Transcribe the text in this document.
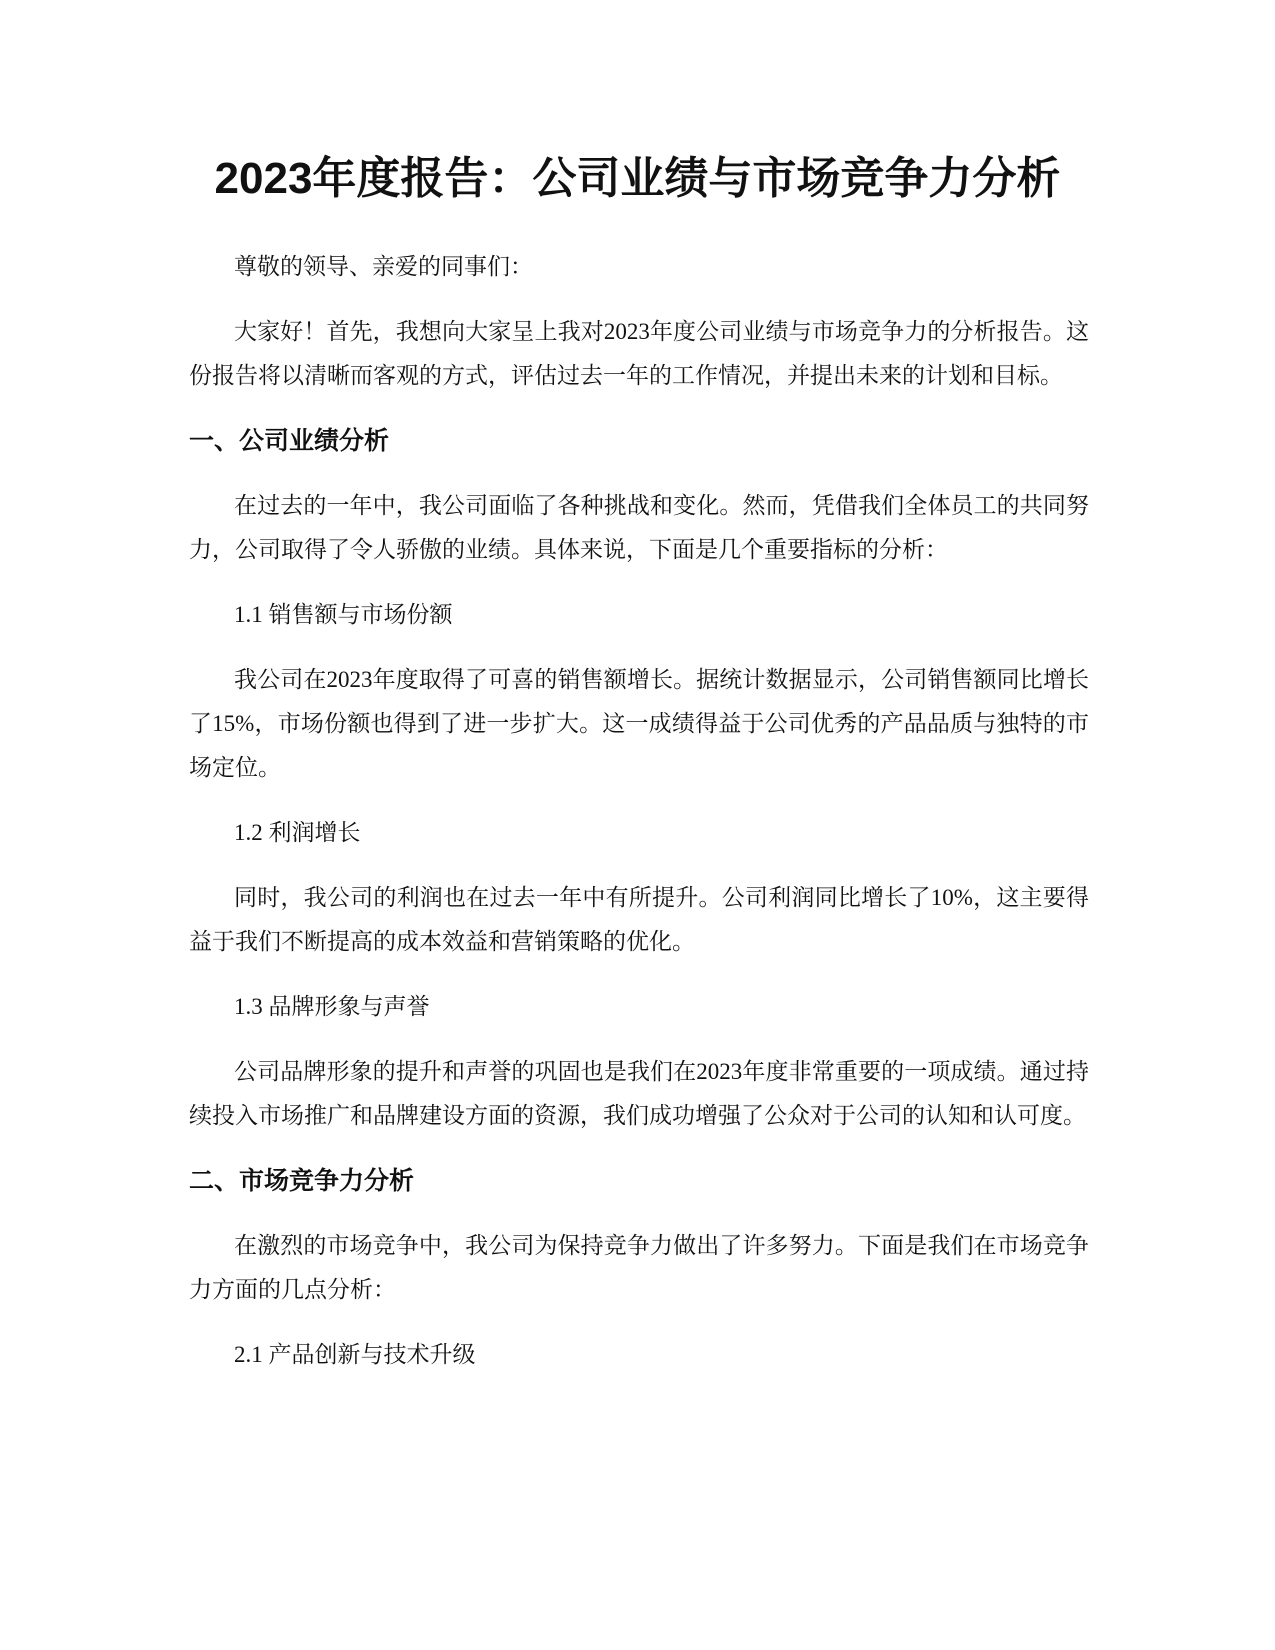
2023年度报告：公司业绩与市场竞争力分析

尊敬的领导、亲爱的同事们：

大家好！首先，我想向大家呈上我对2023年度公司业绩与市场竞争力的分析报告。这份报告将以清晰而客观的方式，评估过去一年的工作情况，并提出未来的计划和目标。

一、公司业绩分析

在过去的一年中，我公司面临了各种挑战和变化。然而，凭借我们全体员工的共同努力，公司取得了令人骄傲的业绩。具体来说，下面是几个重要指标的分析：

1.1 销售额与市场份额

我公司在2023年度取得了可喜的销售额增长。据统计数据显示，公司销售额同比增长了15%，市场份额也得到了进一步扩大。这一成绩得益于公司优秀的产品品质与独特的市场定位。

1.2 利润增长

同时，我公司的利润也在过去一年中有所提升。公司利润同比增长了10%，这主要得益于我们不断提高的成本效益和营销策略的优化。

1.3 品牌形象与声誉

公司品牌形象的提升和声誉的巩固也是我们在2023年度非常重要的一项成绩。通过持续投入市场推广和品牌建设方面的资源，我们成功增强了公众对于公司的认知和认可度。

二、市场竞争力分析

在激烈的市场竞争中，我公司为保持竞争力做出了许多努力。下面是我们在市场竞争力方面的几点分析：

2.1 产品创新与技术升级
